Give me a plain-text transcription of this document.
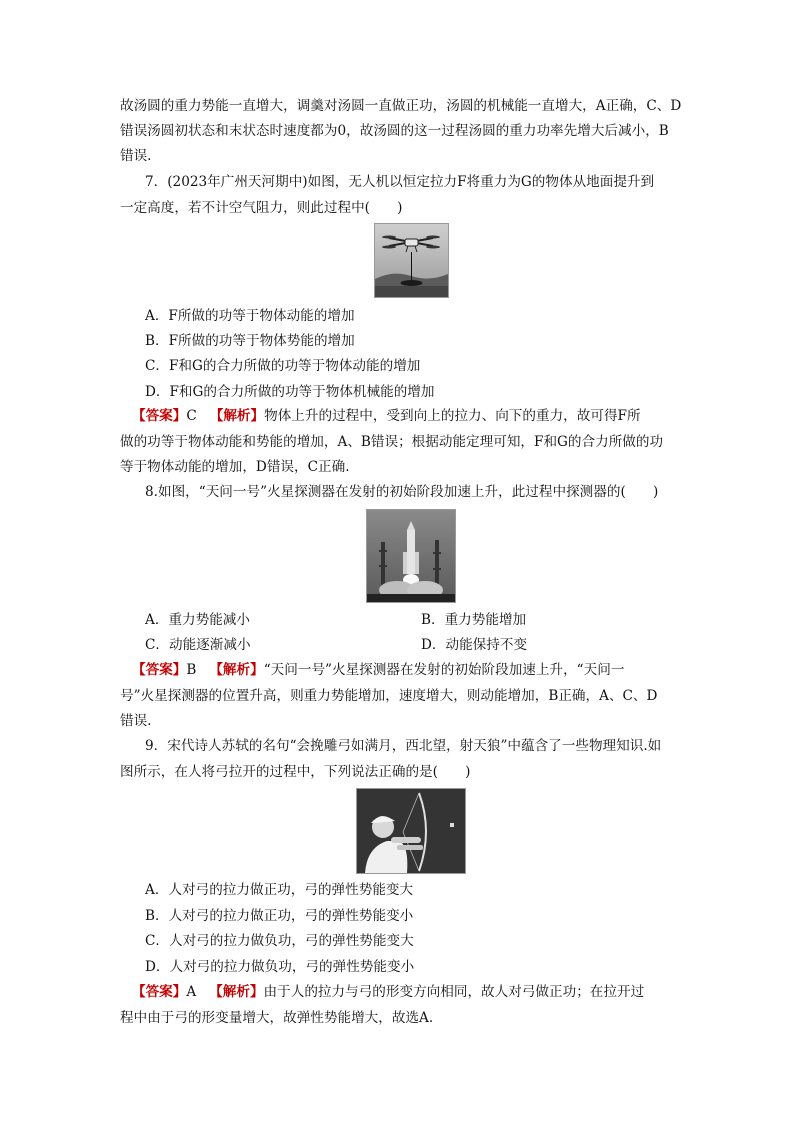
故汤圆的重力势能一直增大，调羹对汤圆一直做正功，汤圆的机械能一直增大，A正确，C、D
错误汤圆初状态和末状态时速度都为0，故汤圆的这一过程汤圆的重力功率先增大后减小，B
错误.
7．(2023年广州天河期中)如图，无人机以恒定拉力F将重力为G的物体从地面提升到
一定高度，若不计空气阻力，则此过程中(　　)
A．F所做的功等于物体动能的增加
B．F所做的功等于物体势能的增加
C．F和G的合力所做的功等于物体动能的增加
D．F和G的合力所做的功等于物体机械能的增加
【答案】C 【解析】物体上升的过程中，受到向上的拉力、向下的重力，故可得F所
做的功等于物体动能和势能的增加，A、B错误；根据动能定理可知，F和G的合力所做的功
等于物体动能的增加，D错误，C正确.
8.如图，“天问一号”火星探测器在发射的初始阶段加速上升，此过程中探测器的(　　)
A．重力势能减小	B．重力势能增加
C．动能逐渐减小	D．动能保持不变
【答案】B 【解析】“天问一号”火星探测器在发射的初始阶段加速上升，“天问一
号”火星探测器的位置升高，则重力势能增加，速度增大，则动能增加，B正确，A、C、D
错误.
9．宋代诗人苏轼的名句“会挽雕弓如满月，西北望，射天狼”中蕴含了一些物理知识.如
图所示，在人将弓拉开的过程中，下列说法正确的是(　　)
A．人对弓的拉力做正功，弓的弹性势能变大
B．人对弓的拉力做正功，弓的弹性势能变小
C．人对弓的拉力做负功，弓的弹性势能变大
D．人对弓的拉力做负功，弓的弹性势能变小
【答案】A 【解析】由于人的拉力与弓的形变方向相同，故人对弓做正功；在拉开过
程中由于弓的形变量增大，故弹性势能增大，故选A.
